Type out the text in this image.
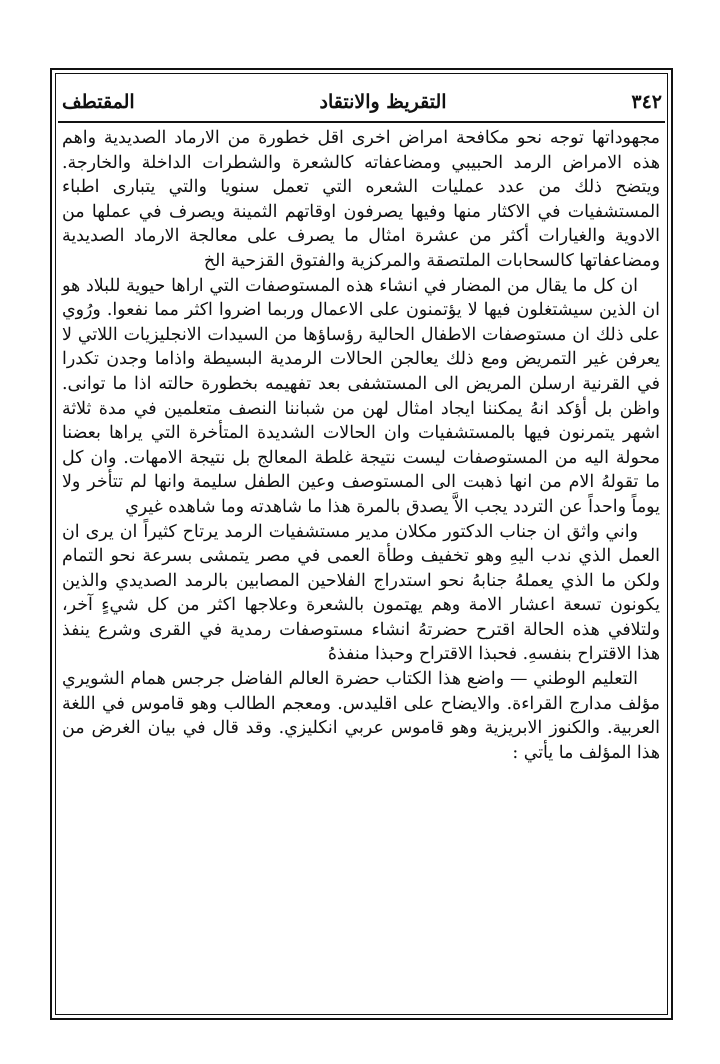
٣٤٢
التقريظ والانتقاد
المقتطف

مجهوداتها توجه نحو مكافحة امراض اخرى اقل خطورة من الارماد الصديدية واهم هذه الامراض الرمد الحبيبي ومضاعفاته كالشعرة والشطرات الداخلة والخارجة. ويتضح ذلك من عدد عمليات الشعره التي تعمل سنويا والتي يتبارى اطباء المستشفيات في الاكثار منها وفيها يصرفون اوقاتهم الثمينة ويصرف في عملها من الادوية والغيارات أكثر من عشرة امثال ما يصرف على معالجة الارماد الصديدية ومضاعفاتها كالسحابات الملتصقة والمركزية والفتوق القزحية الخ

ان كل ما يقال من المضار في انشاء هذه المستوصفات التي اراها حيوية للبلاد هو ان الذين سيشتغلون فيها لا يؤتمنون على الاعمال وربما اضروا اكثر مما نفعوا. ورُوي على ذلك ان مستوصفات الاطفال الحالية رؤساؤها من السيدات الانجليزيات اللاتي لا يعرفن غير التمريض ومع ذلك يعالجن الحالات الرمدية البسيطة واذاما وجدن تكدرا في القرنية ارسلن المريض الى المستشفى بعد تفهيمه بخطورة حالته اذا ما توانى. واظن بل أؤكد انهُ يمكننا ايجاد امثال لهن من شباننا النصف متعلمين في مدة ثلاثة اشهر يتمرنون فيها بالمستشفيات وان الحالات الشديدة المتأخرة التي يراها بعضنا محولة اليه من المستوصفات ليست نتيجة غلطة المعالج بل نتيجة الامهات. وان كل ما تقولهُ الام من انها ذهبت الى المستوصف وعين الطفل سليمة وانها لم تتأخر ولا يوماً واحداً عن التردد يجب الاَّ يصدق بالمرة هذا ما شاهدته وما شاهده غيري

واني واثق ان جناب الدكتور مكلان مدير مستشفيات الرمد يرتاح كثيراً ان يرى ان العمل الذي ندب اليهِ وهو تخفيف وطأة العمى في مصر يتمشى بسرعة نحو التمام ولكن ما الذي يعملهُ جنابهُ نحو استدراج الفلاحين المصابين بالرمد الصديدي والذين يكونون تسعة اعشار الامة وهم يهتمون بالشعرة وعلاجها اكثر من كل شيءٍ آخر، ولتلافي هذه الحالة اقترح حضرتهُ انشاء مستوصفات رمدية في القرى وشرع ينفذ هذا الاقتراح بنفسهِ. فحبذا الاقتراح وحبذا منفذهُ

التعليم الوطني — واضع هذا الكتاب حضرة العالم الفاضل جرجس همام الشويري مؤلف مدارج القراءة. والايضاح على اقليدس. ومعجم الطالب وهو قاموس في اللغة العربية. والكنوز الابريزية وهو قاموس عربي انكليزي. وقد قال في بيان الغرض من هذا المؤلف ما يأتي :
